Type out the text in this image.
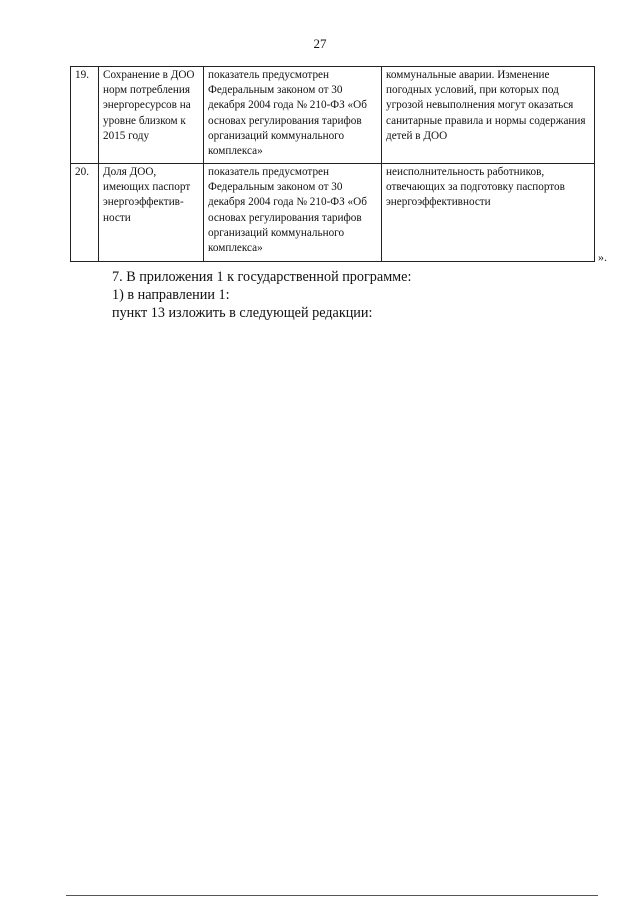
27
19.	Сохранение в ДОО норм потребления энергоресурсов на уровне близком к 2015 году	показатель предусмотрен Федеральным законом от 30 декабря 2004 года № 210-ФЗ «Об основах регулирования тарифов организаций коммунального комплекса»	коммунальные аварии. Изменение погодных условий, при которых под угрозой невыполнения могут оказаться санитарные правила и нормы содержания детей в ДОО
20.	Доля ДОО, имеющих паспорт энергоэффектив-ности	показатель предусмотрен Федеральным законом от 30 декабря 2004 года № 210-ФЗ «Об основах регулирования тарифов организаций коммунального комплекса»	неисполнительность работников, отвечающих за подготовку паспортов энергоэффективности
».
7. В приложения 1 к государственной программе:
1) в направлении 1:
пункт 13 изложить в следующей редакции:
